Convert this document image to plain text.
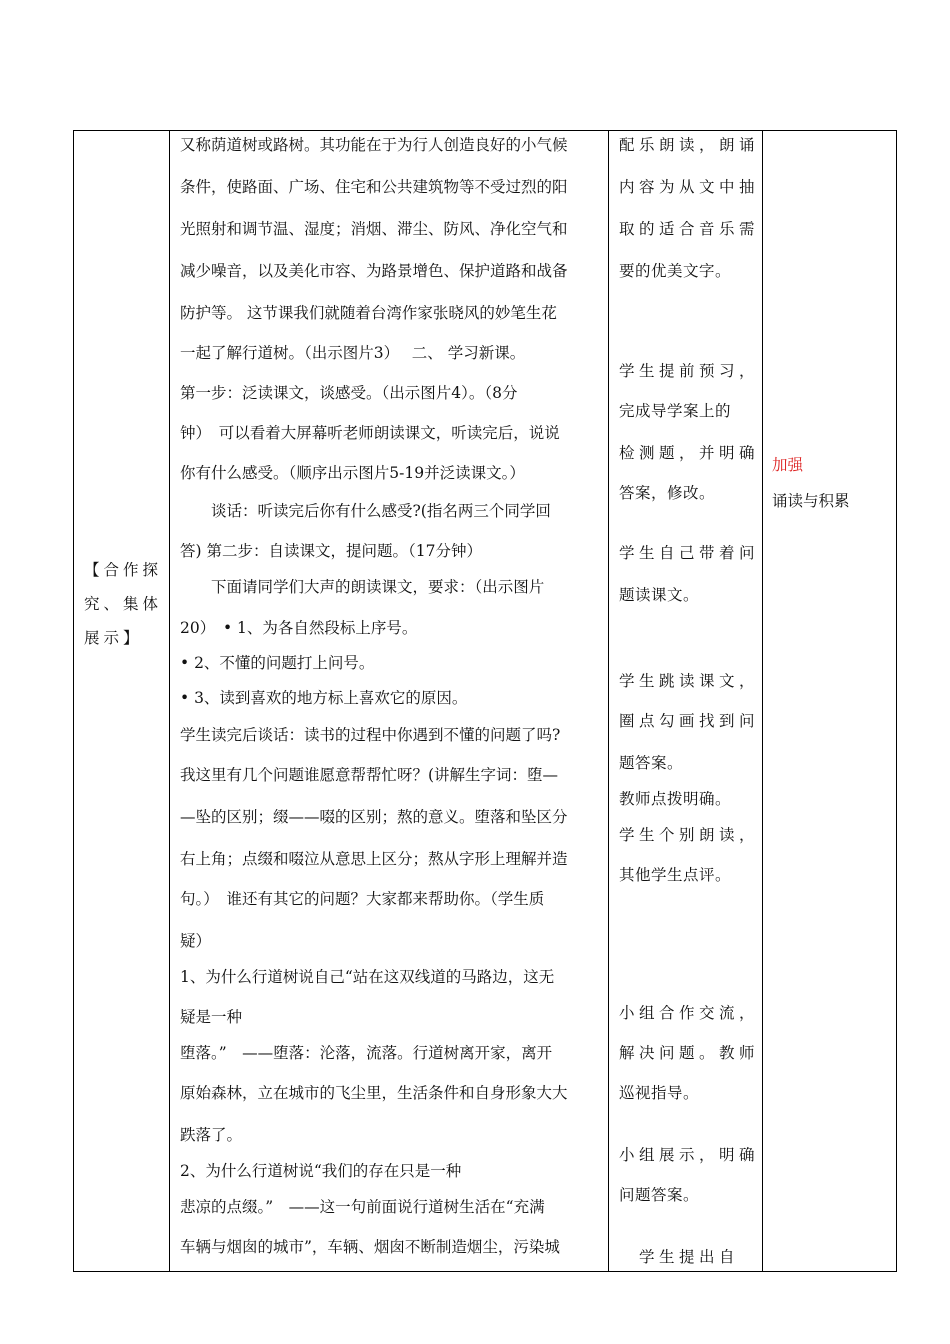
【合作探
究、集体
展示】

又称荫道树或路树。其功能在于为行人创造良好的小气候
条件，使路面、广场、住宅和公共建筑物等不受过烈的阳
光照射和调节温、湿度；消烟、滞尘、防风、净化空气和
减少噪音，以及美化市容、为路景增色、保护道路和战备
防护等。 这节课我们就随着台湾作家张晓风的妙笔生花
一起了解行道树。（出示图片3）　 二、 学习新课。
第一步：泛读课文，谈感受。（出示图片4）。（8分
钟）　可以看着大屏幕听老师朗读课文，听读完后，说说
你有什么感受。（顺序出示图片5-19并泛读课文。）
　　谈话：听读完后你有什么感受?(指名两三个同学回
答) 第二步：自读课文，提问题。（17分钟）
　　下面请同学们大声的朗读课文，要求：（出示图片
20）　• 1、为各自然段标上序号。
• 2、不懂的问题打上问号。
• 3、读到喜欢的地方标上喜欢它的原因。
学生读完后谈话：读书的过程中你遇到不懂的问题了吗?
我这里有几个问题谁愿意帮帮忙呀？(讲解生字词：堕—
—坠的区别；缀——啜的区别；熬的意义。堕落和坠区分
右上角；点缀和啜泣从意思上区分；熬从字形上理解并造
句。）　谁还有其它的问题？大家都来帮助你。（学生质
疑）
1、为什么行道树说自己“站在这双线道的马路边，这无
疑是一种
堕落。”　——堕落：沦落，流落。行道树离开家，离开
原始森林，立在城市的飞尘里，生活条件和自身形象大大
跌落了。
2、为什么行道树说“我们的存在只是一种
悲凉的点缀。”　——这一句前面说行道树生活在“充满
车辆与烟囱的城市”，车辆、烟囱不断制造烟尘，污染城

配乐朗读，朗诵
内容为从文中抽
取的适合音乐需
要的优美文字。
学生提前预习，
完成导学案上的
检测题，并明确
答案，修改。
学生自己带着问
题读课文。
学生跳读课文，
圈点勾画找到问
题答案。
教师点拨明确。
学生个别朗读，
其他学生点评。
小组合作交流，
解决问题。教师
巡视指导。
小组展示，明确
问题答案。
　学生提出自

加强
诵读与积累
